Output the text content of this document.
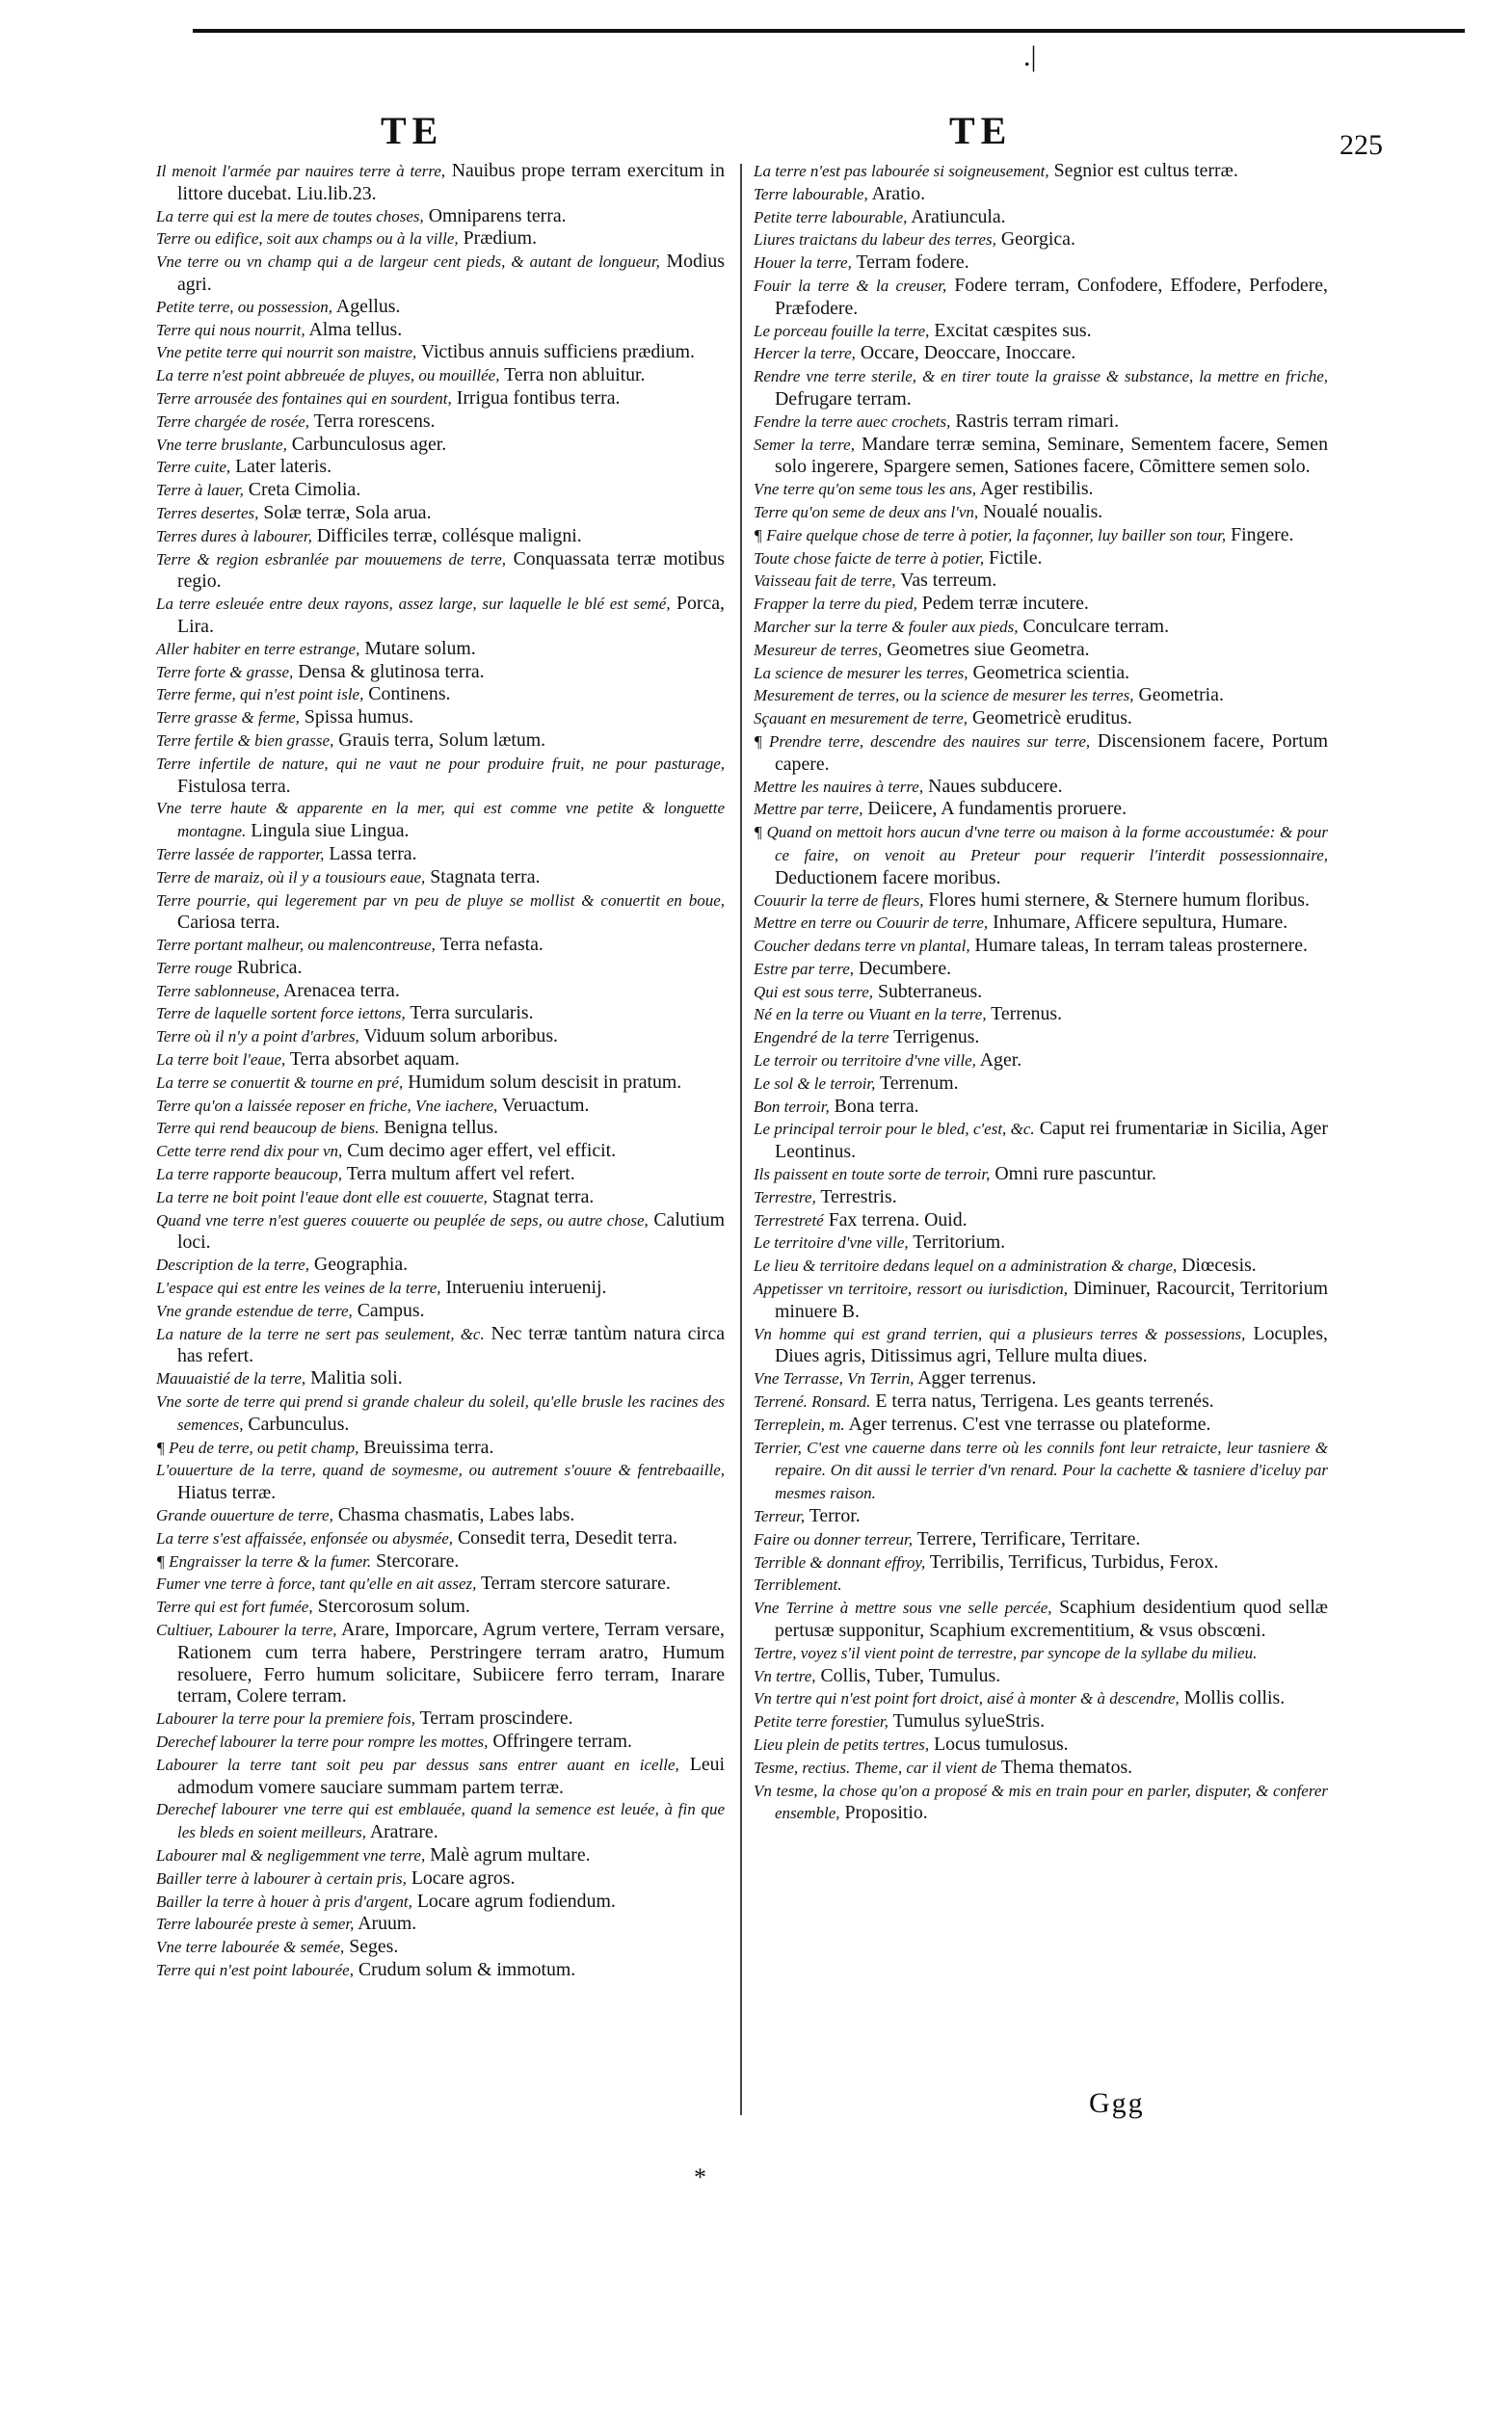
.|
TE	TE	225

Il menoit l'armée par nauires terre à terre, Nauibus prope terram exercitum in littore ducebat. Liu.lib.23.

La terre qui est la mere de toutes choses, Omniparens terra.

Terre ou edifice, soit aux champs ou à la ville, Prædium.

Vne terre ou vn champ qui a de largeur cent pieds, & autant de longueur, Modius agri.

Petite terre, ou possession, Agellus.

Terre qui nous nourrit, Alma tellus.

Vne petite terre qui nourrit son maistre, Victibus annuis sufficiens prædium.

La terre n'est point abbreuée de pluyes, ou mouillée, Terra non abluitur.

Terre arrousée des fontaines qui en sourdent, Irrigua fontibus terra.

Terre chargée de rosée, Terra rorescens.

Vne terre bruslante, Carbunculosus ager.

Terre cuite, Later lateris.

Terre à lauer, Creta Cimolia.

Terres desertes, Solæ terræ, Sola arua.

Terres dures à labourer, Difficiles terræ, collésque maligni.

Terre & region esbranlée par mouuemens de terre, Conquassata terræ motibus regio.

La terre esleuée entre deux rayons, assez large, sur laquelle le blé est semé, Porca, Lira.

Aller habiter en terre estrange, Mutare solum.

Terre forte & grasse, Densa & glutinosa terra.

Terre ferme, qui n'est point isle, Continens.

Terre grasse & ferme, Spissa humus.

Terre fertile & bien grasse, Grauis terra, Solum lætum.

Terre infertile de nature, qui ne vaut ne pour produire fruit, ne pour pasturage, Fistulosa terra.

Vne terre haute & apparente en la mer, qui est comme vne petite & longuette montagne. Lingula siue Lingua.

Terre lassée de rapporter, Lassa terra.

Terre de maraiz, où il y a tousiours eaue, Stagnata terra.

Terre pourrie, qui legerement par vn peu de pluye se mollist & conuertit en boue, Cariosa terra.

Terre portant malheur, ou malencontreuse, Terra nefasta.

Terre rouge Rubrica.

Terre sablonneuse, Arenacea terra.

Terre de laquelle sortent force iettons, Terra surcularis.

Terre où il n'y a point d'arbres, Viduum solum arboribus.

La terre boit l'eaue, Terra absorbet aquam.

La terre se conuertit & tourne en pré, Humidum solum descisit in pratum.

Terre qu'on a laissée reposer en friche, Vne iachere, Veruactum.

Terre qui rend beaucoup de biens. Benigna tellus.

Cette terre rend dix pour vn, Cum decimo ager effert, vel efficit.

La terre rapporte beaucoup, Terra multum affert vel refert.

La terre ne boit point l'eaue dont elle est couuerte, Stagnat terra.

Quand vne terre n'est gueres couuerte ou peuplée de seps, ou autre chose, Calutium loci.

Description de la terre, Geographia.

L'espace qui est entre les veines de la terre, Interueniu interuenij.

Vne grande estendue de terre, Campus.

La nature de la terre ne sert pas seulement, &c. Nec terræ tantùm natura circa has refert.

Mauuaistié de la terre, Malitia soli.

Vne sorte de terre qui prend si grande chaleur du soleil, qu'elle brusle les racines des semences, Carbunculus.

¶ Peu de terre, ou petit champ, Breuissima terra.

L'ouuerture de la terre, quand de soymesme, ou autrement s'ouure & fentrebaaille, Hiatus terræ.

Grande ouuerture de terre, Chasma chasmatis, Labes labs.

La terre s'est affaissée, enfonsée ou abysmée, Consedit terra, Desedit terra.

¶ Engraisser la terre & la fumer. Stercorare.

Fumer vne terre à force, tant qu'elle en ait assez, Terram stercore saturare.

Terre qui est fort fumée, Stercorosum solum.

Cultiuer, Labourer la terre, Arare, Imporcare, Agrum vertere, Terram versare, Rationem cum terra habere, Perstringere terram aratro, Humum resoluere, Ferro humum solicitare, Subiicere ferro terram, Inarare terram, Colere terram.

Labourer la terre pour la premiere fois, Terram proscindere.

Derechef labourer la terre pour rompre les mottes, Offringere terram.

Labourer la terre tant soit peu par dessus sans entrer auant en icelle, Leui admodum vomere sauciare summam partem terræ.

Derechef labourer vne terre qui est emblauée, quand la semence est leuée, à fin que les bleds en soient meilleurs, Aratrare.

Labourer mal & negligemment vne terre, Malè agrum multare.

Bailler terre à labourer à certain pris, Locare agros.

Bailler la terre à houer à pris d'argent, Locare agrum fodiendum.

Terre labourée preste à semer, Aruum.

Vne terre labourée & semée, Seges.

Terre qui n'est point labourée, Crudum solum & immotum.

La terre n'est pas labourée si soigneusement, Segnior est cultus terræ.

Terre labourable, Aratio.

Petite terre labourable, Aratiuncula.

Liures traictans du labeur des terres, Georgica.

Houer la terre, Terram fodere.

Fouir la terre & la creuser, Fodere terram, Confodere, Effodere, Perfodere, Præfodere.

Le porceau fouille la terre, Excitat cæspites sus.

Hercer la terre, Occare, Deoccare, Inoccare.

Rendre vne terre sterile, & en tirer toute la graisse & substance, la mettre en friche, Defrugare terram.

Fendre la terre auec crochets, Rastris terram rimari.

Semer la terre, Mandare terræ semina, Seminare, Sementem facere, Semen solo ingerere, Spargere semen, Sationes facere, Cõmittere semen solo.

Vne terre qu'on seme tous les ans, Ager restibilis.

Terre qu'on seme de deux ans l'vn, Noualé noualis.

¶ Faire quelque chose de terre à potier, la façonner, luy bailler son tour, Fingere.

Toute chose faicte de terre à potier, Fictile.

Vaisseau fait de terre, Vas terreum.

Frapper la terre du pied, Pedem terræ incutere.

Marcher sur la terre & fouler aux pieds, Conculcare terram.

Mesureur de terres, Geometres siue Geometra.

La science de mesurer les terres, Geometrica scientia.

Mesurement de terres, ou la science de mesurer les terres, Geometria.

Sçauant en mesurement de terre, Geometricè eruditus.

¶ Prendre terre, descendre des nauires sur terre, Discensionem facere, Portum capere.

Mettre les nauires à terre, Naues subducere.

Mettre par terre, Deiicere, A fundamentis proruere.

¶ Quand on mettoit hors aucun d'vne terre ou maison à la forme accoustumée: & pour ce faire, on venoit au Preteur pour requerir l'interdit possessionnaire, Deductionem facere moribus.

Couurir la terre de fleurs, Flores humi sternere, & Sternere humum floribus.

Mettre en terre ou Couurir de terre, Inhumare, Afficere sepultura, Humare.

Coucher dedans terre vn plantal, Humare taleas, In terram taleas prosternere.

Estre par terre, Decumbere.

Qui est sous terre, Subterraneus.

Né en la terre ou Viuant en la terre, Terrenus.

Engendré de la terre Terrigenus.

Le terroir ou territoire d'vne ville, Ager.

Le sol & le terroir, Terrenum.

Bon terroir, Bona terra.

Le principal terroir pour le bled, c'est, &c. Caput rei frumentariæ in Sicilia, Ager Leontinus.

Ils paissent en toute sorte de terroir, Omni rure pascuntur.

Terrestre, Terrestris.

Terrestreté Fax terrena. Ouid.

Le territoire d'vne ville, Territorium.

Le lieu & territoire dedans lequel on a administration & charge, Diœcesis.

Appetisser vn territoire, ressort ou iurisdiction, Diminuer, Racourcit, Territorium minuere B.

Vn homme qui est grand terrien, qui a plusieurs terres & possessions, Locuples, Diues agris, Ditissimus agri, Tellure multa diues.

Vne Terrasse, Vn Terrin, Agger terrenus.

Terrené. Ronsard. E terra natus, Terrigena. Les geants terrenés.

Terreplein, m. Ager terrenus. C'est vne terrasse ou plateforme.

Terrier, C'est vne cauerne dans terre où les connils font leur retraicte, leur tasniere & repaire. On dit aussi le terrier d'vn renard. Pour la cachette & tasniere d'iceluy par mesmes raison.

Terreur, Terror.

Faire ou donner terreur, Terrere, Terrificare, Territare.

Terrible & donnant effroy, Terribilis, Terrificus, Turbidus, Ferox.

Terriblement.

Vne Terrine à mettre sous vne selle percée, Scaphium desidentium quod sellæ pertusæ supponitur, Scaphium excrementitium, & vsus obscœni.

Tertre, voyez s'il vient point de terrestre, par syncope de la syllabe du milieu.

Vn tertre, Collis, Tuber, Tumulus.

Vn tertre qui n'est point fort droict, aisé à monter & à descendre, Mollis collis.

Petite terre forestier, Tumulus sylueStris.

Lieu plein de petits tertres, Locus tumulosus.

Tesme, rectius. Theme, car il vient de Thema thematos.

Vn tesme, la chose qu'on a proposé & mis en train pour en parler, disputer, & conferer ensemble, Propositio.

Ggg
*
